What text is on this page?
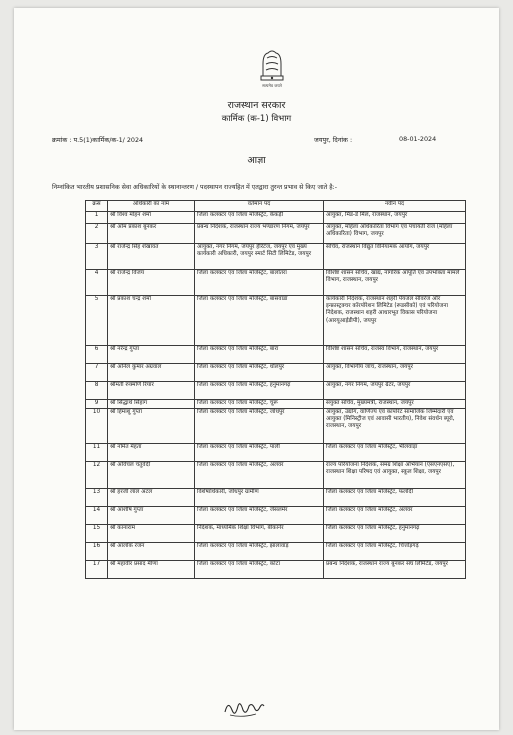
सत्यमेव जयते
राजस्थान सरकार
कार्मिक (क-1) विभाग
क्रमांक : प.5(1)कार्मिक/क-1/ 2024	जयपुर, दिनांक :	08-01-2024
आज्ञा
निम्नांकित भारतीय प्रशासनिक सेवा अधिकारियों के स्थानान्तरण / पदस्थापन राज्यहित में एतद्वारा तुरन्त प्रभाव से किए जाते है:-
क्रसं	अधिकारी का नाम	वर्तमान पद	नवीन पद
1	श्री विश्व मोहन शर्मा	जिला कलक्टर एवं जिला मजिस्ट्रेट, केकड़ी	आयुक्त, मिड-डे मिल, राजस्थान, जयपुर
2	श्री ओम प्रकाश बुनकर	प्रबन्ध निदेशक, राजस्थान राज्य भण्डारण निगम, जयपुर	आयुक्त, महिला अधिकारिता विभाग एवं पंचायती राज (महिला अधिकारिता) विभाग, जयपुर
3	श्री राजेन्द्र सिंह शेखावत	आयुक्त, नगर निगम, जयपुर हैरिटेज, जयपुर एवं मुख्य कार्यकारी अधिकारी, जयपुर स्मार्ट सिटी लिमिटेड, जयपुर	सचिव, राजस्थान विद्युत विनियामक आयोग, जयपुर
4	श्री राजेन्द्र विजय	जिला कलक्टर एवं जिला मजिस्ट्रेट, बालोतरा	विशिष्ट शासन सचिव, खाद्य, नागरिक आपूर्ति एवं उपभोक्ता मामले विभाग, राजस्थान, जयपुर
5	श्री प्रकाश चन्द्र शर्मा	जिला कलक्टर एवं जिला मजिस्ट्रेट, बांसवाडा	कार्यकारी निदेशक, राजस्थान शहरी पेयजल सीवरेज और इन्फ्रास्ट्रक्चर कॉरपोरेशन लिमिटेड (रूडसीको) एवं परियोजना निदेशक, राजस्थान शहरी आधारभूत विकास परियोजना (आरयूआईडीपी), जयपुर
6	श्री नरेन्द्र गुप्ता	जिला कलक्टर एवं जिला मजिस्ट्रेट, बारां	विशिष्ट शासन सचिव, राजस्व विभाग, राजस्थान, जयपुर
7	श्री अनिल कुमार अग्रवाल	जिला कलक्टर एवं जिला मजिस्ट्रेट, धौलपुर	आयुक्त, विभागीय जाँच, राजस्थान, जयपुर
8	श्रीमती रुक्मणि रियार	जिला कलक्टर एवं जिला मजिस्ट्रेट, हनुमानगढ़	आयुक्त, नगर निगम, जयपुर ग्रेटर, जयपुर
9	श्री सिद्धार्थ सिहाग	जिला कलक्टर एवं जिला मजिस्ट्रेट, चूरू	संयुक्त सचिव, मुख्यमंत्री, राजस्थान, जयपुर
10	श्री हिमांशु गुप्ता	जिला कलक्टर एवं जिला मजिस्ट्रेट, जोधपुर	आयुक्त, उद्योग, वाणिज्य एवं कॉर्पोरेट सामाजिक जिम्मेदारी एवं आयुक्त (मिनिस्ट्रीज एवं आवासी भारतीय), निवेश संवर्धन ब्यूरो, राजस्थान, जयपुर
11	श्री नमित मेहता	जिला कलक्टर एवं जिला मजिस्ट्रेट, पाली	जिला कलक्टर एवं जिला मजिस्ट्रेट, भीलवाड़ा
12	श्री अविचल चतुर्वेदी	जिला कलक्टर एवं जिला मजिस्ट्रेट, अलवर	राज्य परियोजना निदेशक, समग्र शिक्षा अभियान (एसएनएसए), राजस्थान शिक्षा परिषद एवं आयुक्त, स्कूल शिक्षा, जयपुर
13	श्री हरजी लाल अटल	विशेषाधिकारी, जोधपुर ग्रामीण	जिला कलक्टर एवं जिला मजिस्ट्रेट, फलौदी
14	श्री आशीष गुप्ता	जिला कलक्टर एवं जिला मजिस्ट्रेट, जैसलमेर	जिला कलक्टर एवं जिला मजिस्ट्रेट, अलवर
15	श्री कानाराम	निदेशक, माध्यमिक शिक्षा विभाग, बीकानेर	जिला कलक्टर एवं जिला मजिस्ट्रेट, हनुमानगढ़
16	श्री आलोक रंजन	जिला कलक्टर एवं जिला मजिस्ट्रेट, झालावाड़	जिला कलक्टर एवं जिला मजिस्ट्रेट, चित्तौड़गढ़
17	श्री महावीर प्रसाद मीणा	जिला कलक्टर एवं जिला मजिस्ट्रेट, कोटा	प्रबन्ध निदेशक, राजस्थान राज्य बुनकर संघ लिमिटेड, जयपुर
